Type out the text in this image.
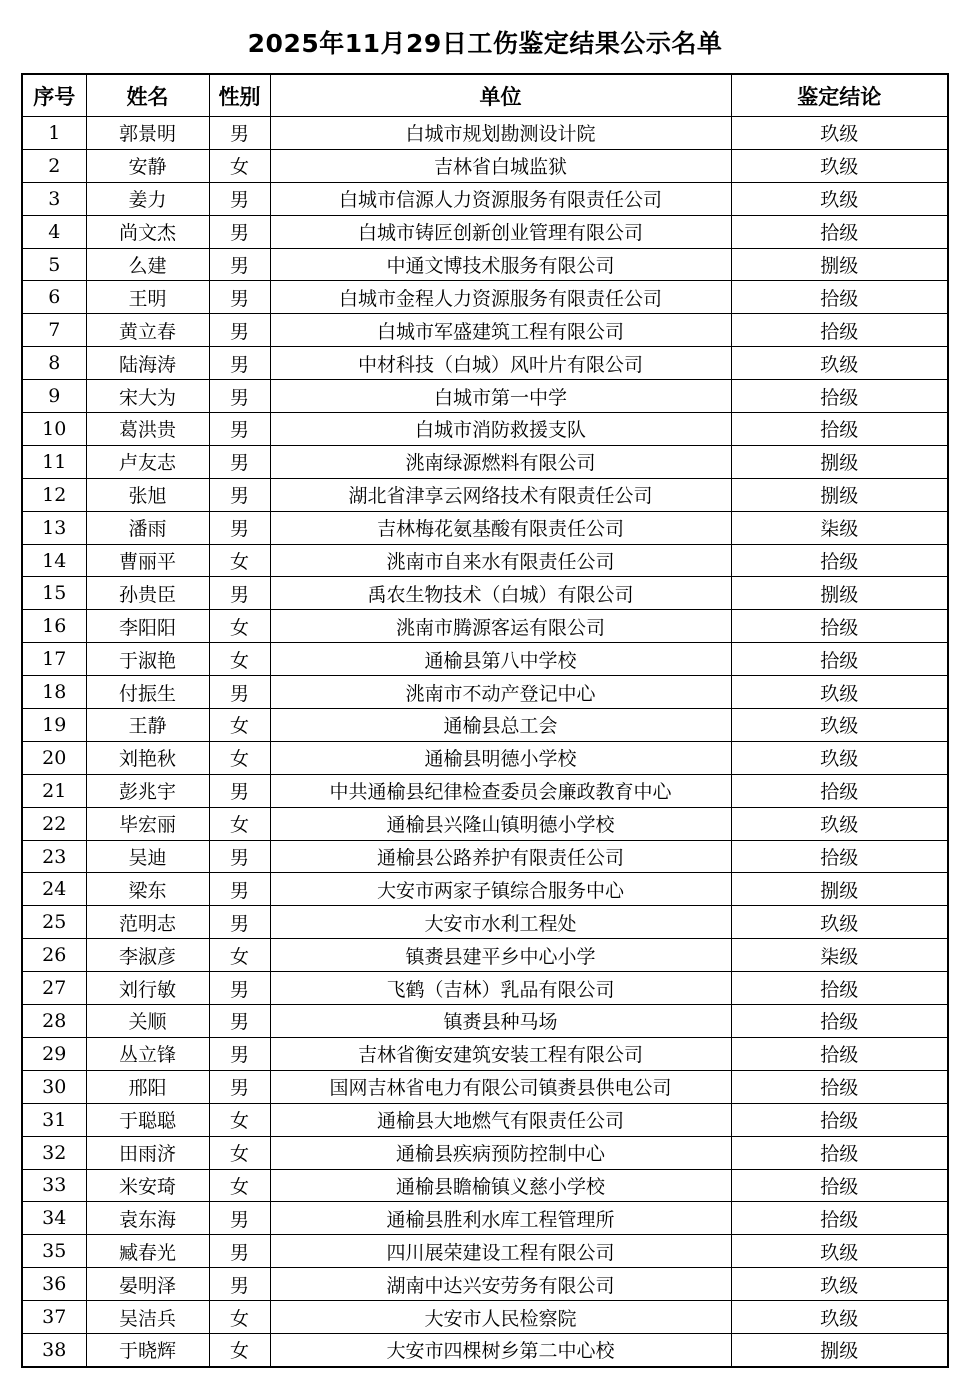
2025年11月29日工伤鉴定结果公示名单
序号	姓名	性别	单位	鉴定结论
1	郭景明	男	白城市规划勘测设计院	玖级
2	安静	女	吉林省白城监狱	玖级
3	姜力	男	白城市信源人力资源服务有限责任公司	玖级
4	尚文杰	男	白城市铸匠创新创业管理有限公司	拾级
5	么建	男	中通文博技术服务有限公司	捌级
6	王明	男	白城市金程人力资源服务有限责任公司	拾级
7	黄立春	男	白城市军盛建筑工程有限公司	拾级
8	陆海涛	男	中材科技（白城）风叶片有限公司	玖级
9	宋大为	男	白城市第一中学	拾级
10	葛洪贵	男	白城市消防救援支队	拾级
11	卢友志	男	洮南绿源燃料有限公司	捌级
12	张旭	男	湖北省津享云网络技术有限责任公司	捌级
13	潘雨	男	吉林梅花氨基酸有限责任公司	柒级
14	曹丽平	女	洮南市自来水有限责任公司	拾级
15	孙贵臣	男	禹农生物技术（白城）有限公司	捌级
16	李阳阳	女	洮南市腾源客运有限公司	拾级
17	于淑艳	女	通榆县第八中学校	拾级
18	付振生	男	洮南市不动产登记中心	玖级
19	王静	女	通榆县总工会	玖级
20	刘艳秋	女	通榆县明德小学校	玖级
21	彭兆宇	男	中共通榆县纪律检查委员会廉政教育中心	拾级
22	毕宏丽	女	通榆县兴隆山镇明德小学校	玖级
23	吴迪	男	通榆县公路养护有限责任公司	拾级
24	梁东	男	大安市两家子镇综合服务中心	捌级
25	范明志	男	大安市水利工程处	玖级
26	李淑彦	女	镇赉县建平乡中心小学	柒级
27	刘行敏	男	飞鹤（吉林）乳品有限公司	拾级
28	关顺	男	镇赉县种马场	拾级
29	丛立锋	男	吉林省衡安建筑安装工程有限公司	拾级
30	邢阳	男	国网吉林省电力有限公司镇赉县供电公司	拾级
31	于聪聪	女	通榆县大地燃气有限责任公司	拾级
32	田雨济	女	通榆县疾病预防控制中心	拾级
33	米安琦	女	通榆县瞻榆镇义慈小学校	拾级
34	袁东海	男	通榆县胜利水库工程管理所	拾级
35	臧春光	男	四川展荣建设工程有限公司	玖级
36	晏明泽	男	湖南中达兴安劳务有限公司	玖级
37	吴洁兵	女	大安市人民检察院	玖级
38	于晓辉	女	大安市四棵树乡第二中心校	捌级
